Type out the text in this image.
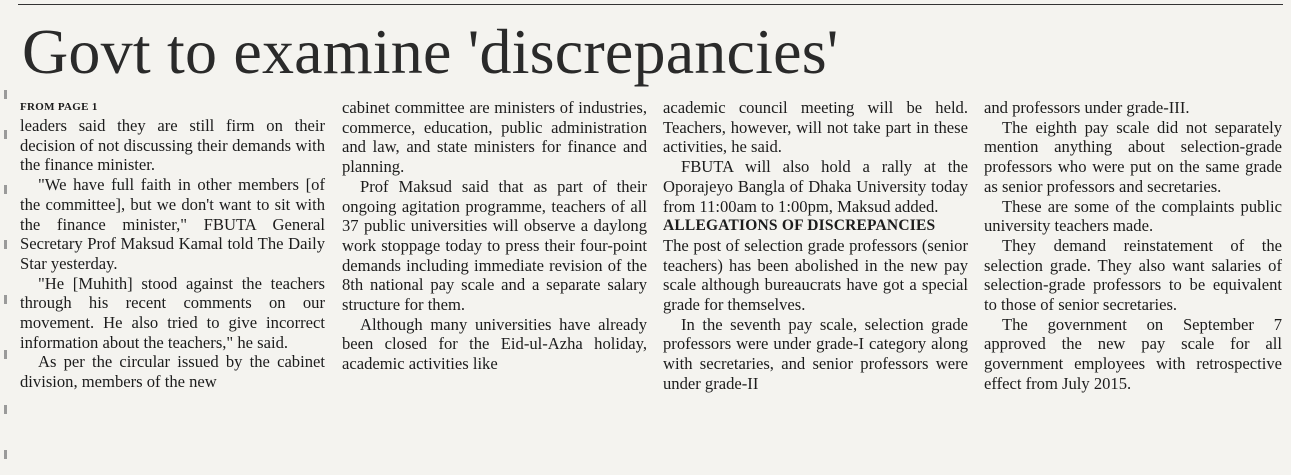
Govt to examine 'discrepancies'
FROM PAGE 1

leaders said they are still firm on their decision of not discussing their demands with the finance minister.

"We have full faith in other members [of the committee], but we don't want to sit with the finance minister," FBUTA General Secretary Prof Maksud Kamal told The Daily Star yesterday.

"He [Muhith] stood against the teachers through his recent comments on our movement. He also tried to give incorrect information about the teachers," he said.

As per the circular issued by the cabinet division, members of the new

cabinet committee are ministers of industries, commerce, education, public administration and law, and state ministers for finance and planning.

Prof Maksud said that as part of their ongoing agitation programme, teachers of all 37 public universities will observe a daylong work stoppage today to press their four-point demands including immediate revision of the 8th national pay scale and a separate salary structure for them.

Although many universities have already been closed for the Eid-ul-Azha holiday, academic activities like

academic council meeting will be held. Teachers, however, will not take part in these activities, he said.

FBUTA will also hold a rally at the Oporajeyo Bangla of Dhaka University today from 11:00am to 1:00pm, Maksud added.

ALLEGATIONS OF DISCREPANCIES

The post of selection grade professors (senior teachers) has been abolished in the new pay scale although bureaucrats have got a special grade for themselves.

In the seventh pay scale, selection grade professors were under grade-I category along with secretaries, and senior professors were under grade-II

and professors under grade-III.

The eighth pay scale did not separately mention anything about selection-grade professors who were put on the same grade as senior professors and secretaries.

These are some of the complaints public university teachers made.

They demand reinstatement of the selection grade. They also want salaries of selection-grade professors to be equivalent to those of senior secretaries.

The government on September 7 approved the new pay scale for all government employees with retrospective effect from July 2015.
